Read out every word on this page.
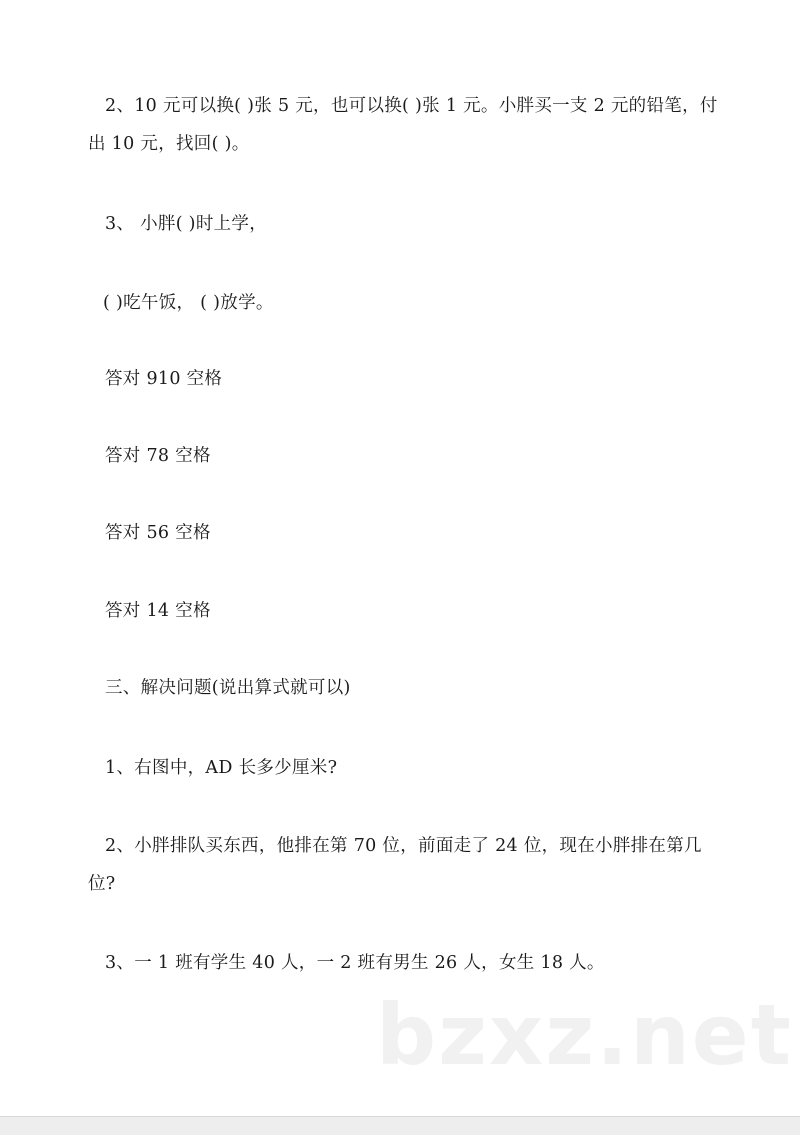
2、10 元可以换( )张 5 元，也可以换( )张 1 元。小胖买一支 2 元的铅笔，付
出 10 元，找回( )。
3、 小胖( )时上学，
( )吃午饭， ( )放学。
答对 910 空格
答对 78 空格
答对 56 空格
答对 14 空格
三、解决问题(说出算式就可以)
1、右图中，AD 长多少厘米?
2、小胖排队买东西，他排在第 70 位，前面走了 24 位，现在小胖排在第几
位?
3、一 1 班有学生 40 人，一 2 班有男生 26 人，女生 18 人。
bzxz.net
